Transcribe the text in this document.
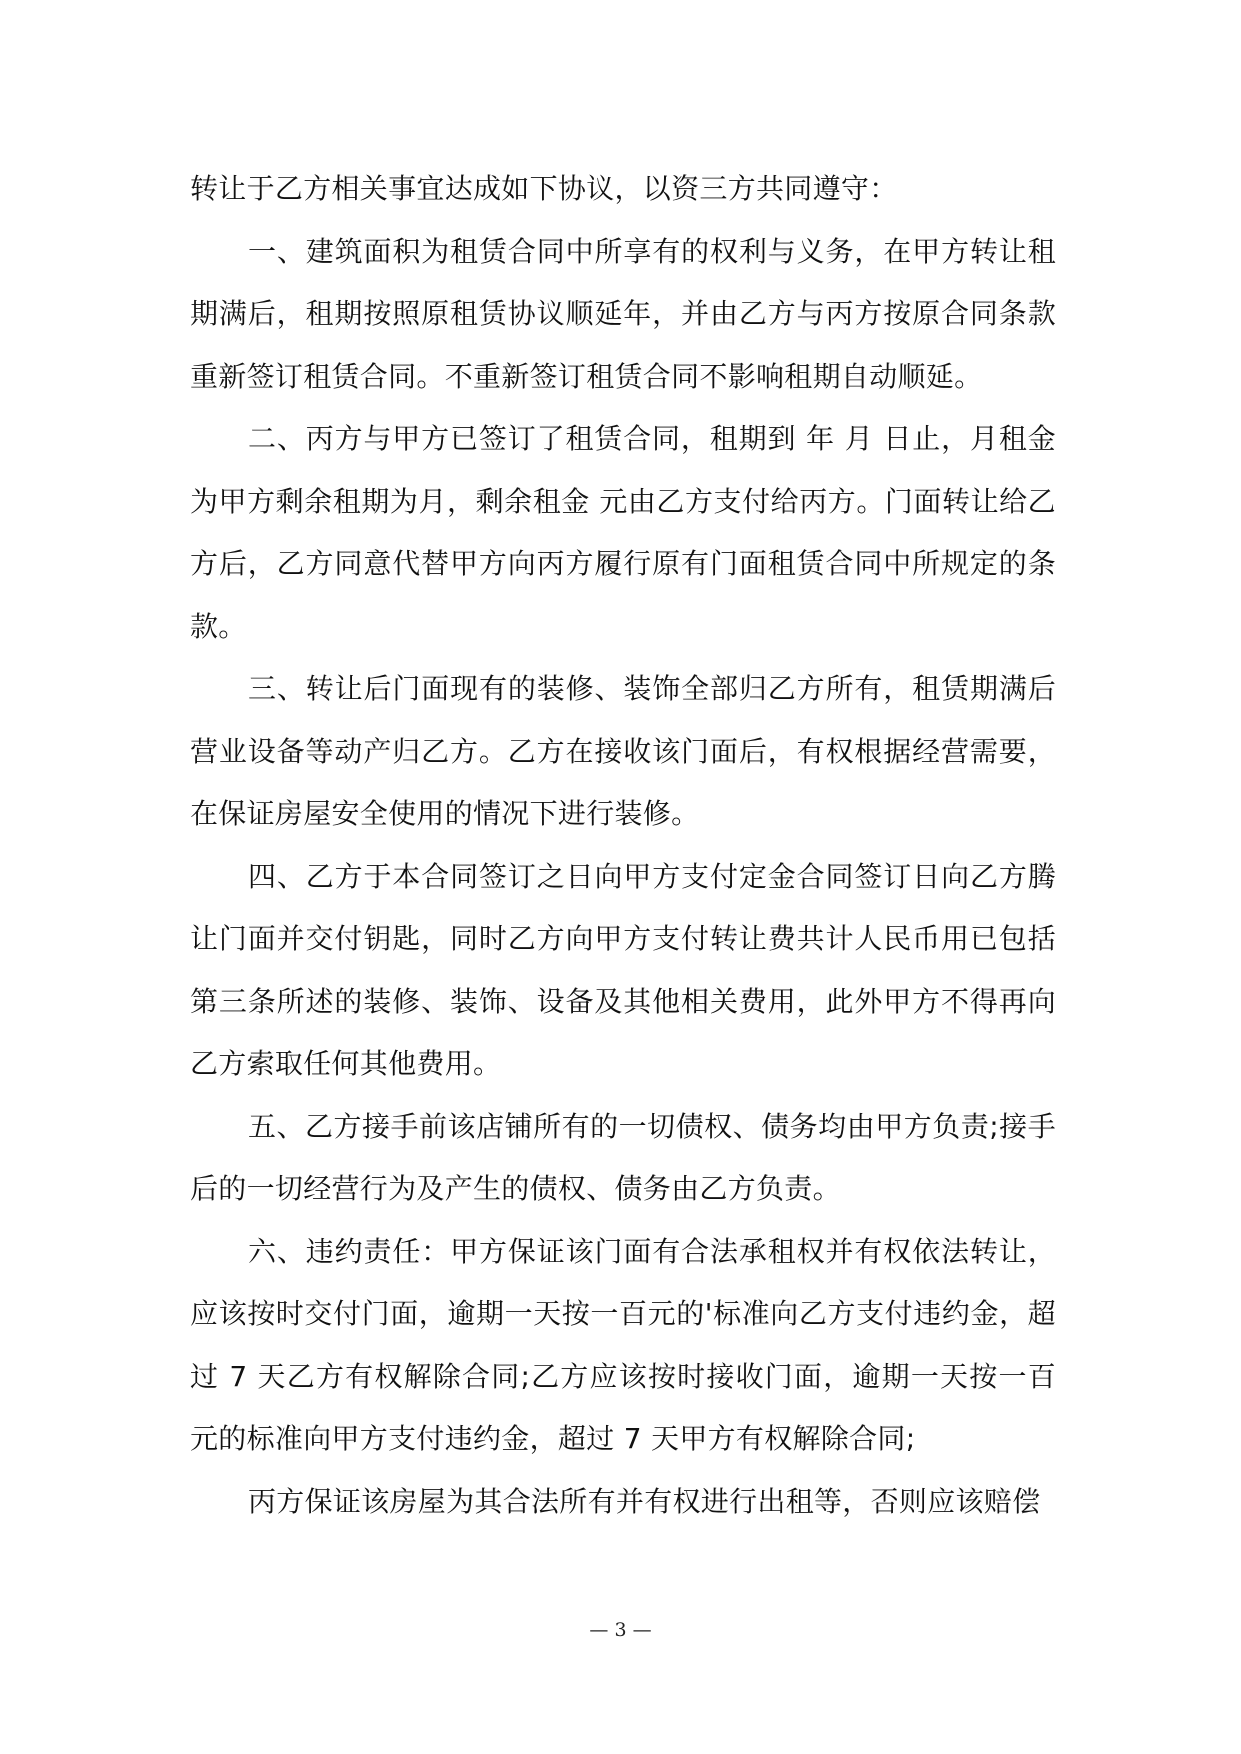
转让于乙方相关事宜达成如下协议，以资三方共同遵守：

一、建筑面积为租赁合同中所享有的权利与义务，在甲方转让租期满后，租期按照原租赁协议顺延年，并由乙方与丙方按原合同条款重新签订租赁合同。不重新签订租赁合同不影响租期自动顺延。

二、丙方与甲方已签订了租赁合同，租期到 年 月 日止，月租金为甲方剩余租期为月，剩余租金 元由乙方支付给丙方。门面转让给乙方后，乙方同意代替甲方向丙方履行原有门面租赁合同中所规定的条款。

三、转让后门面现有的装修、装饰全部归乙方所有，租赁期满后营业设备等动产归乙方。乙方在接收该门面后，有权根据经营需要，在保证房屋安全使用的情况下进行装修。

四、乙方于本合同签订之日向甲方支付定金合同签订日向乙方腾让门面并交付钥匙，同时乙方向甲方支付转让费共计人民币用已包括第三条所述的装修、装饰、设备及其他相关费用，此外甲方不得再向乙方索取任何其他费用。

五、乙方接手前该店铺所有的一切债权、债务均由甲方负责;接手后的一切经营行为及产生的债权、债务由乙方负责。

六、违约责任：甲方保证该门面有合法承租权并有权依法转让，应该按时交付门面，逾期一天按一百元的'标准向乙方支付违约金，超过 7 天乙方有权解除合同;乙方应该按时接收门面，逾期一天按一百元的标准向甲方支付违约金，超过 7 天甲方有权解除合同;

丙方保证该房屋为其合法所有并有权进行出租等，否则应该赔偿

— 3 —
